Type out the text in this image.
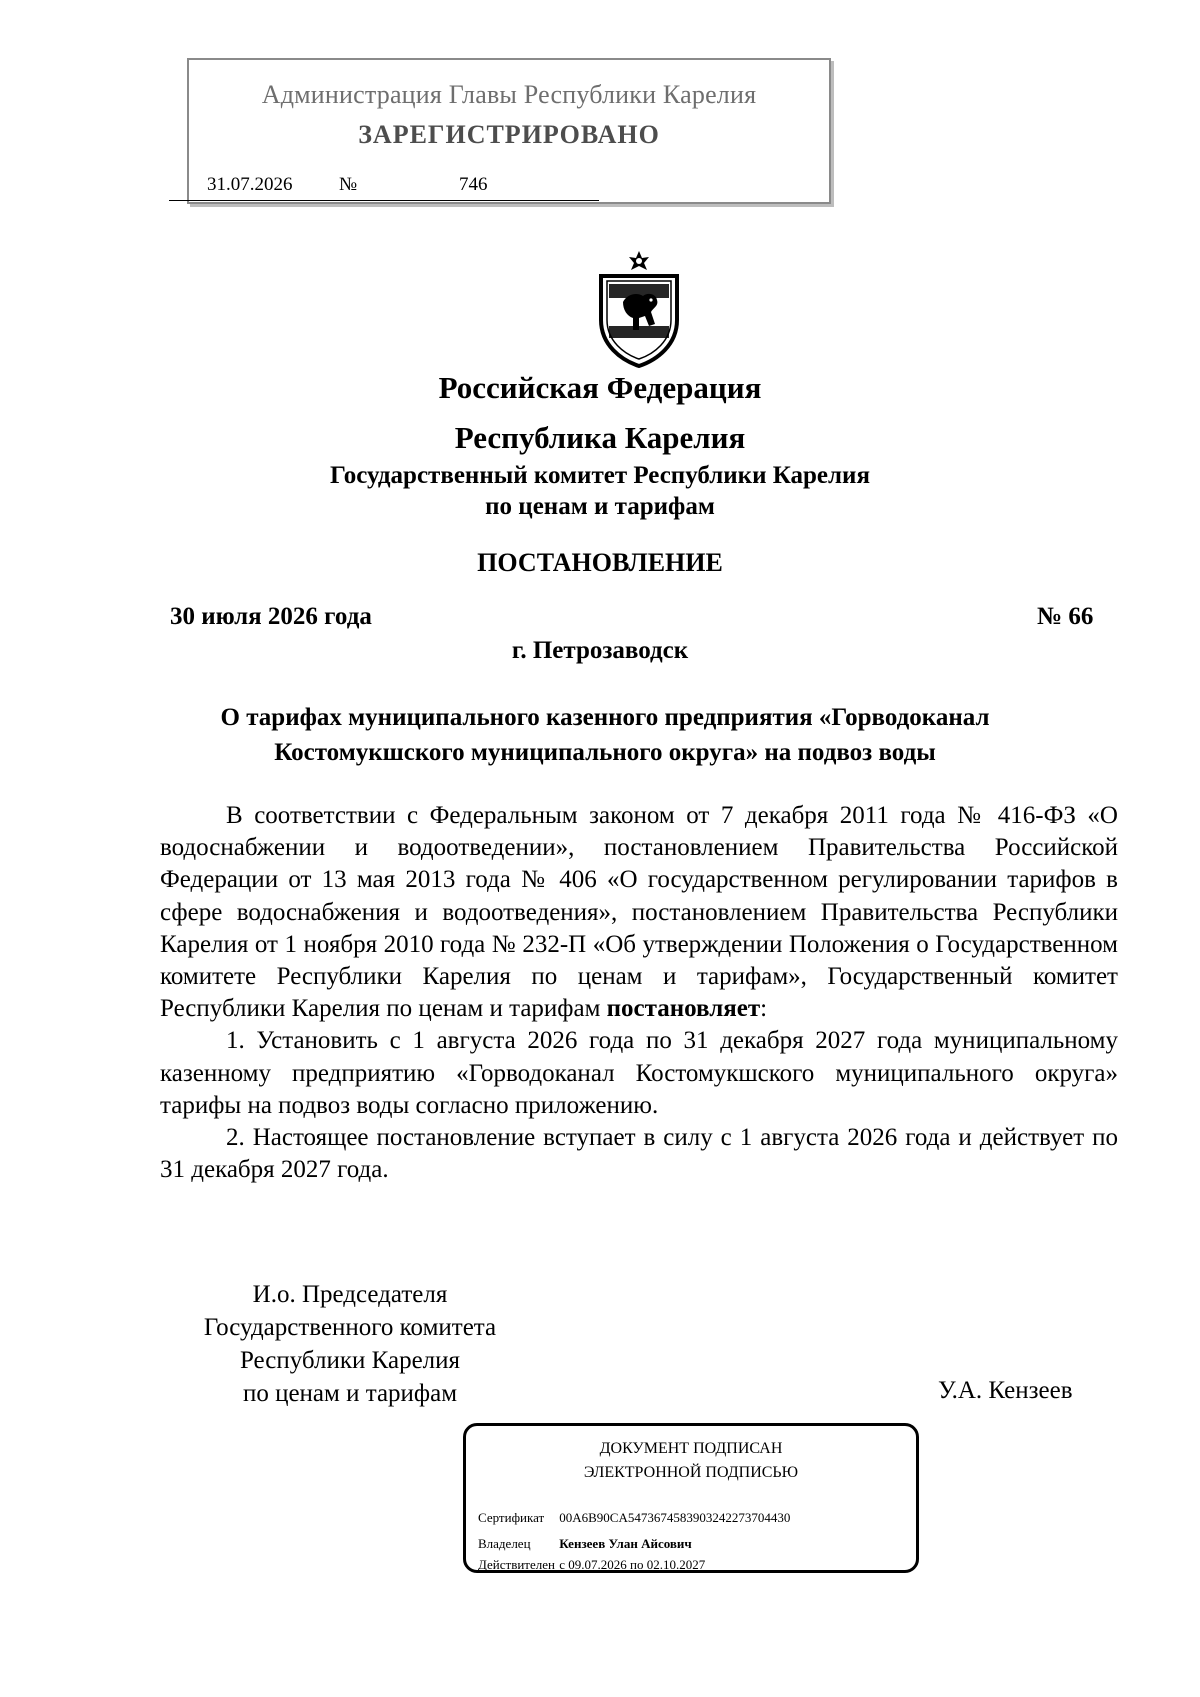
Администрация Главы Республики Карелия
ЗАРЕГИСТРИРОВАНО
31.07.2026 №	746
Российская Федерация
Республика Карелия
Государственный комитет Республики Карелия
по ценам и тарифам
ПОСТАНОВЛЕНИЕ
30 июля 2026 года	№ 66
г. Петрозаводск
О тарифах муниципального казенного предприятия «Горводоканал Костомукшского муниципального округа» на подвоз воды

В соответствии с Федеральным законом от 7 декабря 2011 года № 416-ФЗ «О водоснабжении и водоотведении», постановлением Правительства Российской Федерации от 13 мая 2013 года № 406 «О государственном регулировании тарифов в сфере водоснабжения и водоотведения», постановлением Правительства Республики Карелия от 1 ноября 2010 года № 232-П «Об утверждении Положения о Государственном комитете Республики Карелия по ценам и тарифам», Государственный комитет Республики Карелия по ценам и тарифам постановляет:

1. Установить с 1 августа 2026 года по 31 декабря 2027 года муниципальному казенному предприятию «Горводоканал Костомукшского муниципального округа» тарифы на подвоз воды согласно приложению.

2. Настоящее постановление вступает в силу с 1 августа 2026 года и действует по 31 декабря 2027 года.

И.о. Председателя
Государственного комитета
Республики Карелия
по ценам и тарифам	У.А. Кензеев
ДОКУМЕНТ ПОДПИСАН
ЭЛЕКТРОННОЙ ПОДПИСЬЮ
Сертификат 00A6B90CA5473674583903242273704430
Владелец Кензеев Улан Айсович
Действителен с 09.07.2026 по 02.10.2027
